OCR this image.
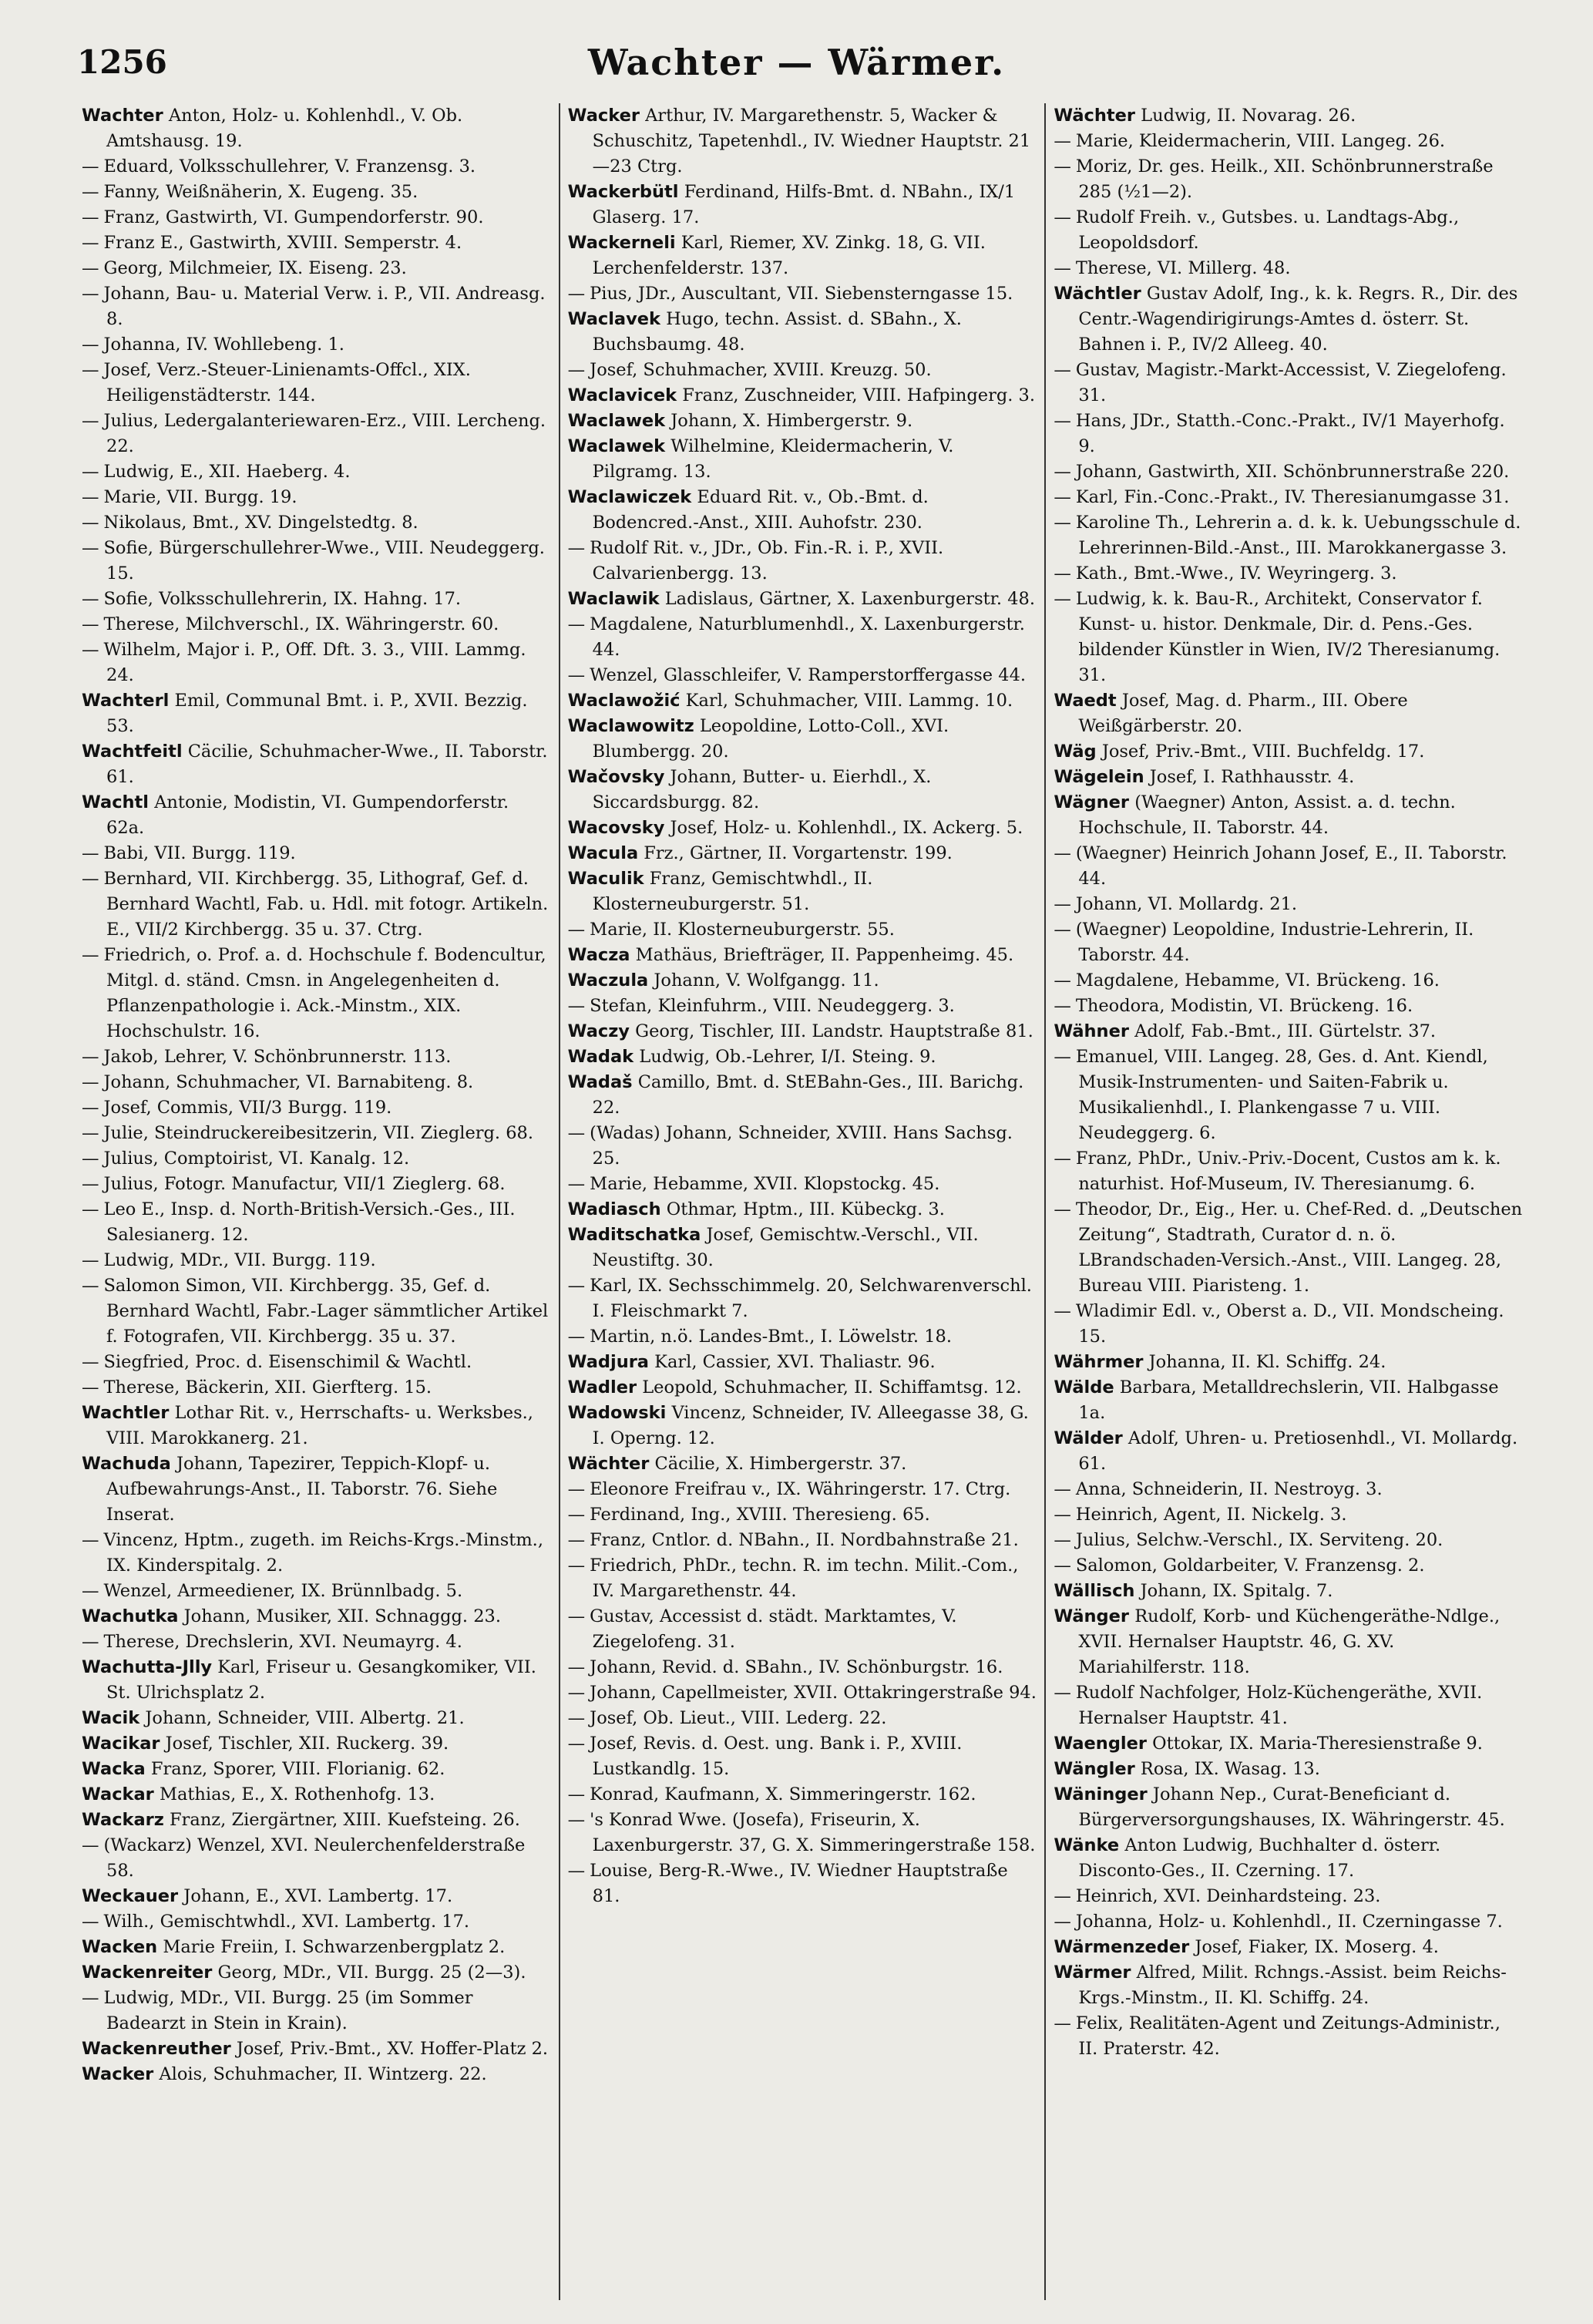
1256	Wachter — Wärmer.
Wachter Anton, Holz- u. Kohlenhdl., V. Ob. Amtshausg. 19.
— Eduard, Volksschullehrer, V. Franzensg. 3.
— Fanny, Weißnäherin, X. Eugeng. 35.
— Franz, Gastwirth, VI. Gumpendorferstr. 90.
— Franz E., Gastwirth, XVIII. Semperstr. 4.
— Georg, Milchmeier, IX. Eiseng. 23.
— Johann, Bau- u. Material Verw. i. P., VII. Andreasg. 8.
— Johanna, IV. Wohllebeng. 1.
— Josef, Verz.-Steuer-Linienamts-Offcl., XIX. Heiligenstädterstr. 144.
— Julius, Ledergalanteriewaren-Erz., VIII. Lercheng. 22.
— Ludwig, E., XII. Haeberg. 4.
— Marie, VII. Burgg. 19.
— Nikolaus, Bmt., XV. Dingelstedtg. 8.
— Sofie, Bürgerschullehrer-Wwe., VIII. Neudeggerg. 15.
— Sofie, Volksschullehrerin, IX. Hahng. 17.
— Therese, Milchverschl., IX. Währingerstr. 60.
— Wilhelm, Major i. P., Off. Dft. 3. 3., VIII. Lammg. 24.
Wachterl Emil, Communal Bmt. i. P., XVII. Bezzig. 53.
Wachtfeitl Cäcilie, Schuhmacher-Wwe., II. Taborstr. 61.
Wachtl Antonie, Modistin, VI. Gumpendorferstr. 62a.
— Babi, VII. Burgg. 119.
— Bernhard, VII. Kirchbergg. 35, Lithograf, Gef. d. Bernhard Wachtl, Fab. u. Hdl. mit fotogr. Artikeln. E., VII/2 Kirchbergg. 35 u. 37. Ctrg.
— Friedrich, o. Prof. a. d. Hochschule f. Bodencultur, Mitgl. d. ständ. Cmsn. in Angelegenheiten d. Pflanzenpathologie i. Ack.-Minstm., XIX. Hochschulstr. 16.
— Jakob, Lehrer, V. Schönbrunnerstr. 113.
— Johann, Schuhmacher, VI. Barnabiteng. 8.
— Josef, Commis, VII/3 Burgg. 119.
— Julie, Steindruckereibesitzerin, VII. Zieglerg. 68.
— Julius, Comptoirist, VI. Kanalg. 12.
— Julius, Fotogr. Manufactur, VII/1 Zieglerg. 68.
— Leo E., Insp. d. North-British-Versich.-Ges., III. Salesianerg. 12.
— Ludwig, MDr., VII. Burgg. 119.
— Salomon Simon, VII. Kirchbergg. 35, Gef. d. Bernhard Wachtl, Fabr.-Lager sämmtlicher Artikel f. Fotografen, VII. Kirchbergg. 35 u. 37.
— Siegfried, Proc. d. Eisenschimil & Wachtl.
— Therese, Bäckerin, XII. Gierfterg. 15.
Wachtler Lothar Rit. v., Herrschafts- u. Werksbes., VIII. Marokkanerg. 21.
Wachuda Johann, Tapezirer, Teppich-Klopf- u. Aufbewahrungs-Anst., II. Taborstr. 76. Siehe Inserat.
— Vincenz, Hptm., zugeth. im Reichs-Krgs.-Minstm., IX. Kinderspitalg. 2.
— Wenzel, Armeediener, IX. Brünnlbadg. 5.
Wachutka Johann, Musiker, XII. Schnaggg. 23.
— Therese, Drechslerin, XVI. Neumayrg. 4.
Wachutta-Jlly Karl, Friseur u. Gesangkomiker, VII. St. Ulrichsplatz 2.
Wacik Johann, Schneider, VIII. Albertg. 21.
Wacikar Josef, Tischler, XII. Ruckerg. 39.
Wacka Franz, Sporer, VIII. Florianig. 62.
Wackar Mathias, E., X. Rothenhofg. 13.
Wackarz Franz, Ziergärtner, XIII. Kuefsteing. 26.
— (Wackarz) Wenzel, XVI. Neulerchenfelderstraße 58.
Weckauer Johann, E., XVI. Lambertg. 17.
— Wilh., Gemischtwhdl., XVI. Lambertg. 17.
Wacken Marie Freiin, I. Schwarzenbergplatz 2.
Wackenreiter Georg, MDr., VII. Burgg. 25 (2—3).
— Ludwig, MDr., VII. Burgg. 25 (im Sommer Badearzt in Stein in Krain).
Wackenreuther Josef, Priv.-Bmt., XV. Hoffer-Platz 2.
Wacker Alois, Schuhmacher, II. Wintzerg. 22.
Wacker Arthur, IV. Margarethenstr. 5, Wacker & Schuschitz, Tapetenhdl., IV. Wiedner Hauptstr. 21—23 Ctrg.
Wackerbütl Ferdinand, Hilfs-Bmt. d. NBahn., IX/1 Glaserg. 17.
Wackerneli Karl, Riemer, XV. Zinkg. 18, G. VII. Lerchenfelderstr. 137.
— Pius, JDr., Auscultant, VII. Siebensterngasse 15.
Waclavek Hugo, techn. Assist. d. SBahn., X. Buchsbaumg. 48.
— Josef, Schuhmacher, XVIII. Kreuzg. 50.
Waclavicek Franz, Zuschneider, VIII. Hafpingerg. 3.
Waclawek Johann, X. Himbergerstr. 9.
Waclawek Wilhelmine, Kleidermacherin, V. Pilgramg. 13.
Waclawiczek Eduard Rit. v., Ob.-Bmt. d. Bodencred.-Anst., XIII. Auhofstr. 230.
— Rudolf Rit. v., JDr., Ob. Fin.-R. i. P., XVII. Calvarienbergg. 13.
Waclawik Ladislaus, Gärtner, X. Laxenburgerstr. 48.
— Magdalene, Naturblumenhdl., X. Laxenburgerstr. 44.
— Wenzel, Glasschleifer, V. Ramperstorffergasse 44.
Waclawožić Karl, Schuhmacher, VIII. Lammg. 10.
Waclawowitz Leopoldine, Lotto-Coll., XVI. Blumbergg. 20.
Wačovsky Johann, Butter- u. Eierhdl., X. Siccardsburgg. 82.
Wacovsky Josef, Holz- u. Kohlenhdl., IX. Ackerg. 5.
Wacula Frz., Gärtner, II. Vorgartenstr. 199.
Waculik Franz, Gemischtwhdl., II. Klosterneuburgerstr. 51.
— Marie, II. Klosterneuburgerstr. 55.
Wacza Mathäus, Briefträger, II. Pappenheimg. 45.
Waczula Johann, V. Wolfgangg. 11.
— Stefan, Kleinfuhrm., VIII. Neudeggerg. 3.
Waczy Georg, Tischler, III. Landstr. Hauptstraße 81.
Wadak Ludwig, Ob.-Lehrer, I/I. Steing. 9.
Wadaš Camillo, Bmt. d. StEBahn-Ges., III. Barichg. 22.
— (Wadas) Johann, Schneider, XVIII. Hans Sachsg. 25.
— Marie, Hebamme, XVII. Klopstockg. 45.
Wadiasch Othmar, Hptm., III. Kübeckg. 3.
Waditschatka Josef, Gemischtw.-Verschl., VII. Neustiftg. 30.
— Karl, IX. Sechsschimmelg. 20, Selchwarenverschl. I. Fleischmarkt 7.
— Martin, n.ö. Landes-Bmt., I. Löwelstr. 18.
Wadjura Karl, Cassier, XVI. Thaliastr. 96.
Wadler Leopold, Schuhmacher, II. Schiffamtsg. 12.
Wadowski Vincenz, Schneider, IV. Alleegasse 38, G. I. Operng. 12.
Wächter Cäcilie, X. Himbergerstr. 37.
— Eleonore Freifrau v., IX. Währingerstr. 17. Ctrg.
— Ferdinand, Ing., XVIII. Theresieng. 65.
— Franz, Cntlor. d. NBahn., II. Nordbahnstraße 21.
— Friedrich, PhDr., techn. R. im techn. Milit.-Com., IV. Margarethenstr. 44.
— Gustav, Accessist d. städt. Marktamtes, V. Ziegelofeng. 31.
— Johann, Revid. d. SBahn., IV. Schönburgstr. 16.
— Johann, Capellmeister, XVII. Ottakringerstraße 94.
— Josef, Ob. Lieut., VIII. Lederg. 22.
— Josef, Revis. d. Oest. ung. Bank i. P., XVIII. Lustkandlg. 15.
— Konrad, Kaufmann, X. Simmeringerstr. 162.
— 's Konrad Wwe. (Josefa), Friseurin, X. Laxenburgerstr. 37, G. X. Simmeringerstraße 158.
— Louise, Berg-R.-Wwe., IV. Wiedner Hauptstraße 81.
Wächter Ludwig, II. Novarag. 26.
— Marie, Kleidermacherin, VIII. Langeg. 26.
— Moriz, Dr. ges. Heilk., XII. Schönbrunnerstraße 285 (½1—2).
— Rudolf Freih. v., Gutsbes. u. Landtags-Abg., Leopoldsdorf.
— Therese, VI. Millerg. 48.
Wächtler Gustav Adolf, Ing., k. k. Regrs. R., Dir. des Centr.-Wagendirigirungs-Amtes d. österr. St. Bahnen i. P., IV/2 Alleeg. 40.
— Gustav, Magistr.-Markt-Accessist, V. Ziegelofeng. 31.
— Hans, JDr., Statth.-Conc.-Prakt., IV/1 Mayerhofg. 9.
— Johann, Gastwirth, XII. Schönbrunnerstraße 220.
— Karl, Fin.-Conc.-Prakt., IV. Theresianumgasse 31.
— Karoline Th., Lehrerin a. d. k. k. Uebungsschule d. Lehrerinnen-Bild.-Anst., III. Marokkanergasse 3.
— Kath., Bmt.-Wwe., IV. Weyringerg. 3.
— Ludwig, k. k. Bau-R., Architekt, Conservator f. Kunst- u. histor. Denkmale, Dir. d. Pens.-Ges. bildender Künstler in Wien, IV/2 Theresianumg. 31.
Waedt Josef, Mag. d. Pharm., III. Obere Weißgärberstr. 20.
Wäg Josef, Priv.-Bmt., VIII. Buchfeldg. 17.
Wägelein Josef, I. Rathhausstr. 4.
Wägner (Waegner) Anton, Assist. a. d. techn. Hochschule, II. Taborstr. 44.
— (Waegner) Heinrich Johann Josef, E., II. Taborstr. 44.
— Johann, VI. Mollardg. 21.
— (Waegner) Leopoldine, Industrie-Lehrerin, II. Taborstr. 44.
— Magdalene, Hebamme, VI. Brückeng. 16.
— Theodora, Modistin, VI. Brückeng. 16.
Wähner Adolf, Fab.-Bmt., III. Gürtelstr. 37.
— Emanuel, VIII. Langeg. 28, Ges. d. Ant. Kiendl, Musik-Instrumenten- und Saiten-Fabrik u. Musikalienhdl., I. Plankengasse 7 u. VIII. Neudeggerg. 6.
— Franz, PhDr., Univ.-Priv.-Docent, Custos am k. k. naturhist. Hof-Museum, IV. Theresianumg. 6.
— Theodor, Dr., Eig., Her. u. Chef-Red. d. „Deutschen Zeitung“, Stadtrath, Curator d. n. ö. LBrandschaden-Versich.-Anst., VIII. Langeg. 28, Bureau VIII. Piaristeng. 1.
— Wladimir Edl. v., Oberst a. D., VII. Mondscheing. 15.
Währmer Johanna, II. Kl. Schiffg. 24.
Wälde Barbara, Metalldrechslerin, VII. Halbgasse 1a.
Wälder Adolf, Uhren- u. Pretiosenhdl., VI. Mollardg. 61.
— Anna, Schneiderin, II. Nestroyg. 3.
— Heinrich, Agent, II. Nickelg. 3.
— Julius, Selchw.-Verschl., IX. Serviteng. 20.
— Salomon, Goldarbeiter, V. Franzensg. 2.
Wällisch Johann, IX. Spitalg. 7.
Wänger Rudolf, Korb- und Küchengeräthe-Ndlge., XVII. Hernalser Hauptstr. 46, G. XV. Mariahilferstr. 118.
— Rudolf Nachfolger, Holz-Küchengeräthe, XVII. Hernalser Hauptstr. 41.
Waengler Ottokar, IX. Maria-Theresienstraße 9.
Wängler Rosa, IX. Wasag. 13.
Wäninger Johann Nep., Curat-Beneficiant d. Bürgerversorgungshauses, IX. Währingerstr. 45.
Wänke Anton Ludwig, Buchhalter d. österr. Disconto-Ges., II. Czerning. 17.
— Heinrich, XVI. Deinhardsteing. 23.
— Johanna, Holz- u. Kohlenhdl., II. Czerningasse 7.
Wärmenzeder Josef, Fiaker, IX. Moserg. 4.
Wärmer Alfred, Milit. Rchngs.-Assist. beim Reichs-Krgs.-Minstm., II. Kl. Schiffg. 24.
— Felix, Realitäten-Agent und Zeitungs-Administr., II. Praterstr. 42.
